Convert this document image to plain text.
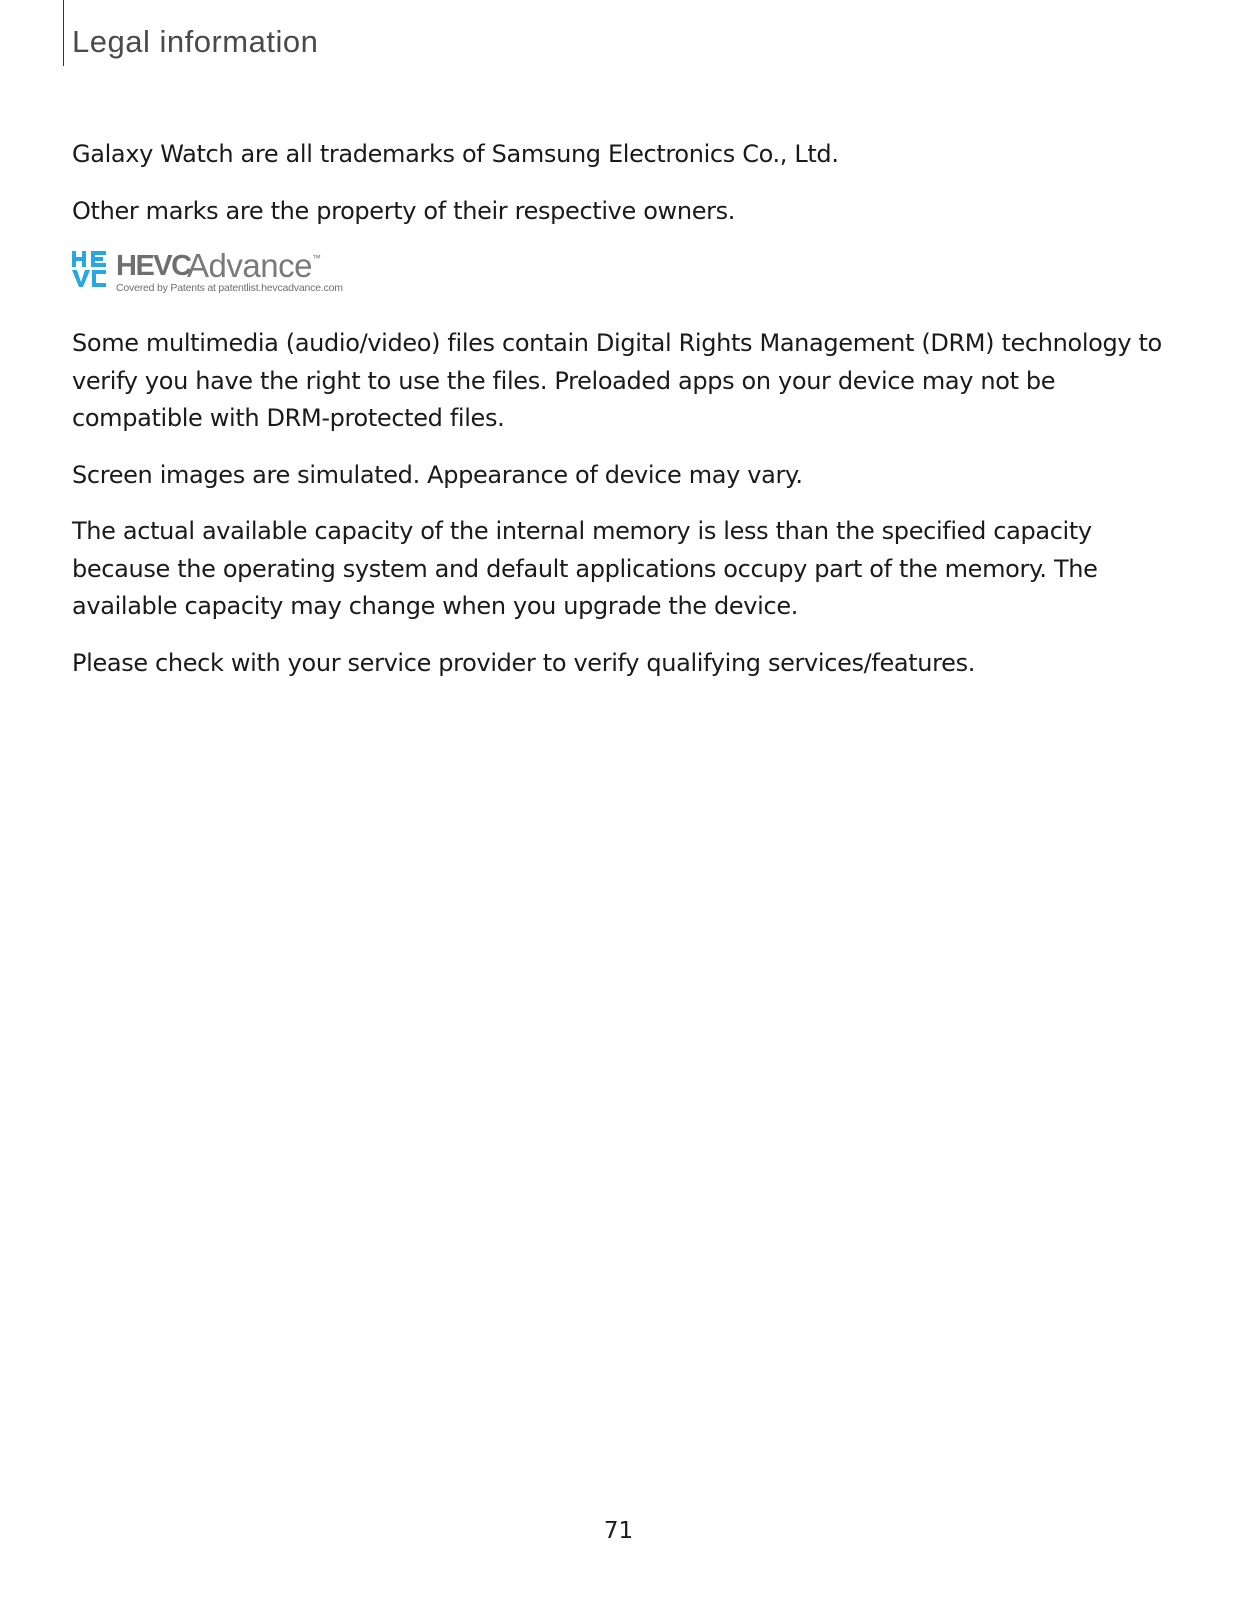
Legal information

Galaxy Watch are all trademarks of Samsung Electronics Co., Ltd.

Other marks are the property of their respective owners.

HEVC
Advance ™
Covered by Patents at patentlist.hevcadvance.com

Some multimedia (audio/video) files contain Digital Rights Management (DRM) technology to verify you have the right to use the files. Preloaded apps on your device may not be compatible with DRM-protected files.

Screen images are simulated. Appearance of device may vary.

The actual available capacity of the internal memory is less than the specified capacity because the operating system and default applications occupy part of the memory. The available capacity may change when you upgrade the device.

Please check with your service provider to verify qualifying services/features.

71
